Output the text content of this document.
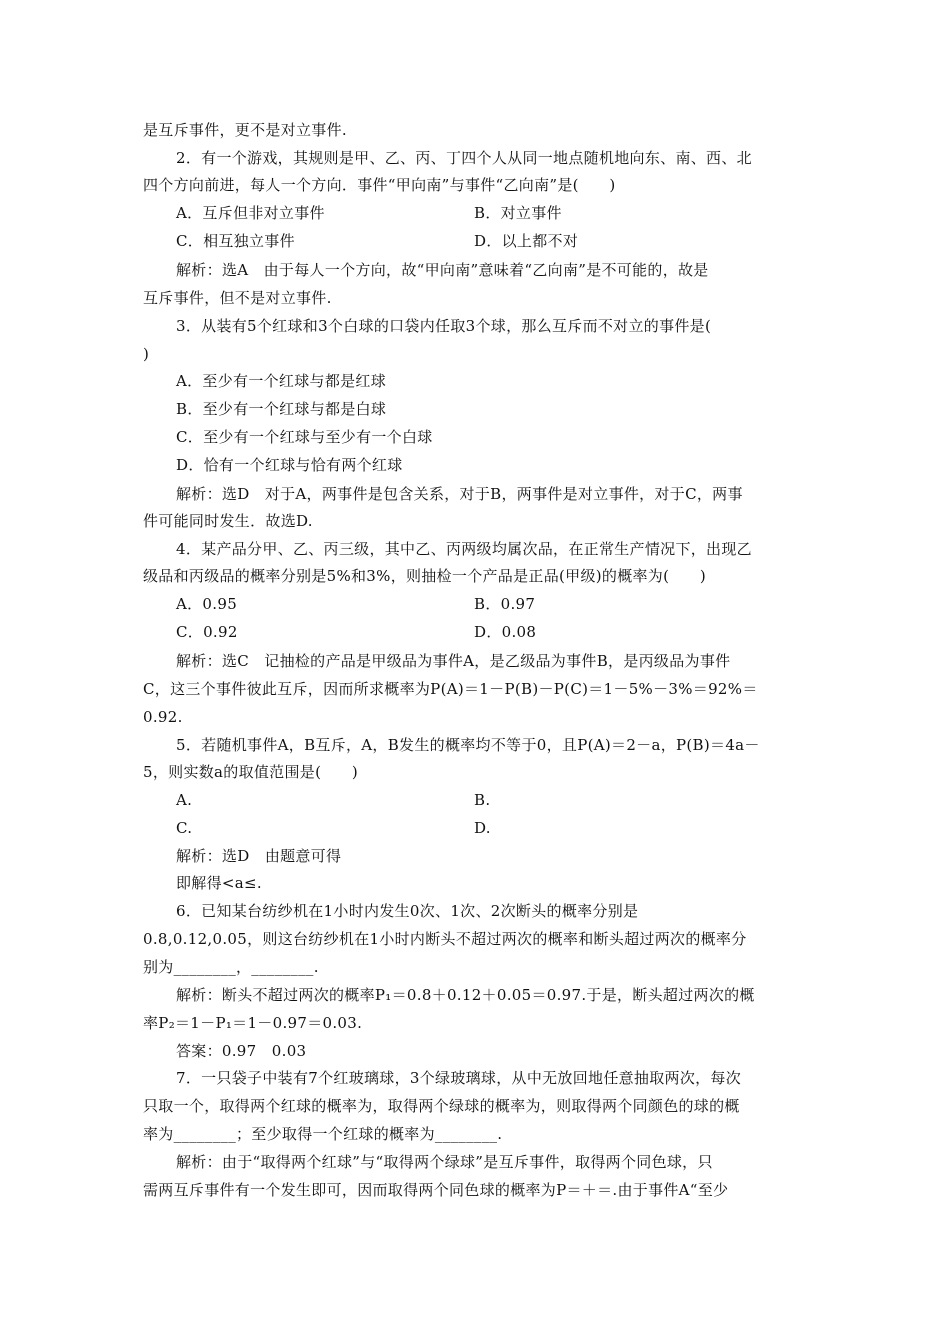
是互斥事件，更不是对立事件.
2．有一个游戏，其规则是甲、乙、丙、丁四个人从同一地点随机地向东、南、西、北
四个方向前进，每人一个方向．事件“甲向南”与事件“乙向南”是(　　)
A．互斥但非对立事件	B．对立事件
C．相互独立事件	D．以上都不对
解析：选A　由于每人一个方向，故“甲向南”意味着“乙向南”是不可能的，故是
互斥事件，但不是对立事件.
3．从装有5个红球和3个白球的口袋内任取3个球，那么互斥而不对立的事件是(
)
A．至少有一个红球与都是红球
B．至少有一个红球与都是白球
C．至少有一个红球与至少有一个白球
D．恰有一个红球与恰有两个红球
解析：选D　对于A，两事件是包含关系，对于B，两事件是对立事件，对于C，两事
件可能同时发生．故选D.
4．某产品分甲、乙、丙三级，其中乙、丙两级均属次品，在正常生产情况下，出现乙
级品和丙级品的概率分别是5%和3%，则抽检一个产品是正品(甲级)的概率为(　　)
A．0.95	B．0.97
C．0.92	D．0.08
解析：选C　记抽检的产品是甲级品为事件A，是乙级品为事件B，是丙级品为事件
C，这三个事件彼此互斥，因而所求概率为P(A)＝1－P(B)－P(C)＝1－5%－3%＝92%＝
0.92.
5．若随机事件A，B互斥，A，B发生的概率均不等于0，且P(A)＝2－a，P(B)＝4a－
5，则实数a的取值范围是(　　)
A.	B.
C.	D.
解析：选D　由题意可得
即解得<a≤.
6．已知某台纺纱机在1小时内发生0次、1次、2次断头的概率分别是
0.8,0.12,0.05，则这台纺纱机在1小时内断头不超过两次的概率和断头超过两次的概率分
别为________，________.
解析：断头不超过两次的概率P₁＝0.8＋0.12＋0.05＝0.97.于是，断头超过两次的概
率P₂＝1－P₁＝1－0.97＝0.03.
答案：0.97　0.03
7．一只袋子中装有7个红玻璃球，3个绿玻璃球，从中无放回地任意抽取两次，每次
只取一个，取得两个红球的概率为，取得两个绿球的概率为，则取得两个同颜色的球的概
率为________；至少取得一个红球的概率为________.
解析：由于“取得两个红球”与“取得两个绿球”是互斥事件，取得两个同色球，只
需两互斥事件有一个发生即可，因而取得两个同色球的概率为P＝＋＝.由于事件A“至少
